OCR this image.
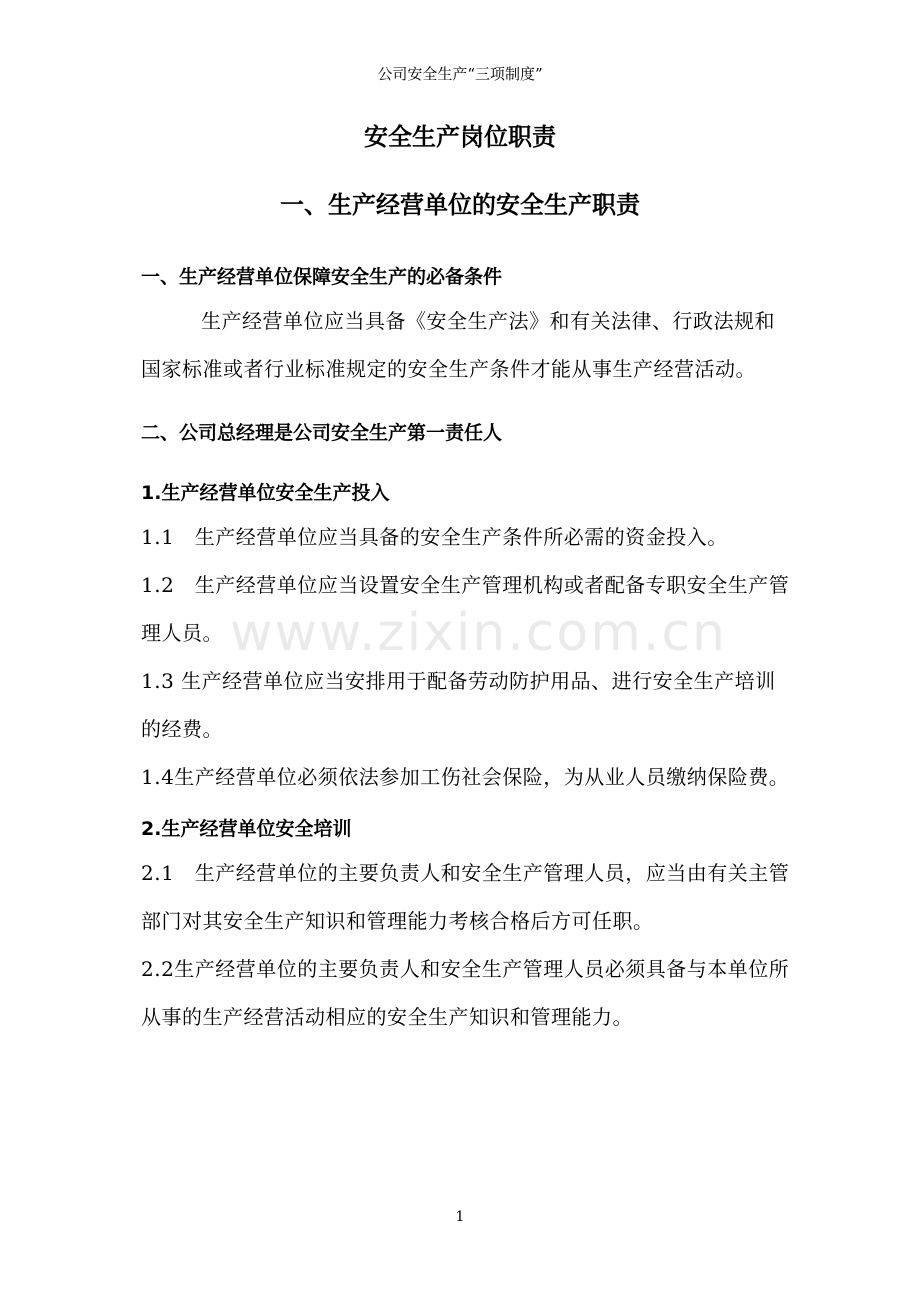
公司安全生产“三项制度”
安全生产岗位职责
一、生产经营单位的安全生产职责

一、生产经营单位保障安全生产的必备条件

生产经营单位应当具备《安全生产法》和有关法律、行政法规和国家标准或者行业标准规定的安全生产条件才能从事生产经营活动。

二、公司总经理是公司安全生产第一责任人

1.生产经营单位安全生产投入

1.1　生产经营单位应当具备的安全生产条件所必需的资金投入。

1.2　生产经营单位应当设置安全生产管理机构或者配备专职安全生产管理人员。

1.3 生产经营单位应当安排用于配备劳动防护用品、进行安全生产培训的经费。

1.4生产经营单位必须依法参加工伤社会保险，为从业人员缴纳保险费。

2.生产经营单位安全培训

2.1　生产经营单位的主要负责人和安全生产管理人员，应当由有关主管部门对其安全生产知识和管理能力考核合格后方可任职。

2.2生产经营单位的主要负责人和安全生产管理人员必须具备与本单位所从事的生产经营活动相应的安全生产知识和管理能力。

www.zixin.com.cn
1
